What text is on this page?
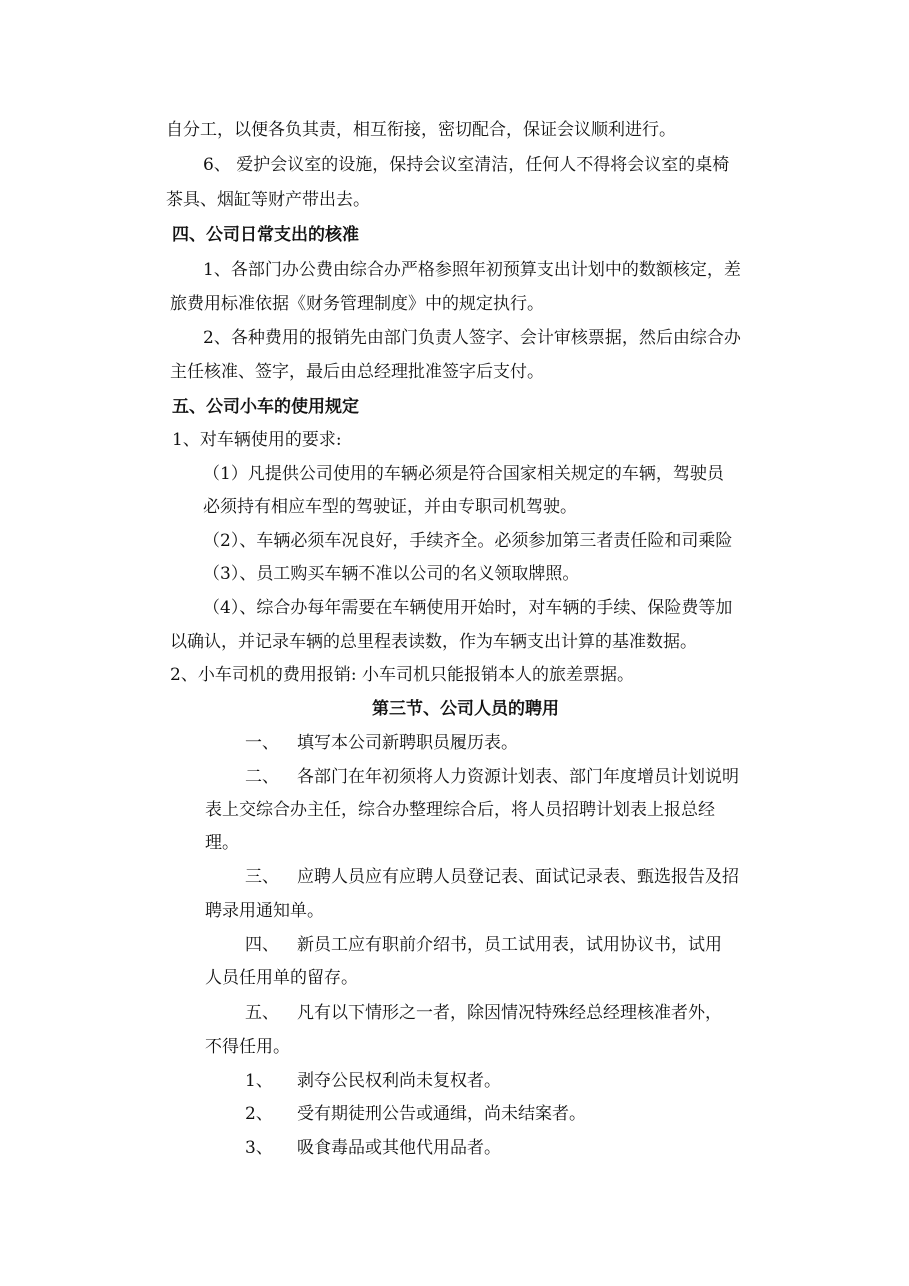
自分工，以便各负其责，相互衔接，密切配合，保证会议顺利进行。
6、 爱护会议室的设施，保持会议室清洁，任何人不得将会议室的桌椅
茶具、烟缸等财产带出去。
四、公司日常支出的核准
1、各部门办公费由综合办严格参照年初预算支出计划中的数额核定，差
旅费用标准依据《财务管理制度》中的规定执行。
2、各种费用的报销先由部门负责人签字、会计审核票据，然后由综合办
主任核准、签字，最后由总经理批准签字后支付。
五、公司小车的使用规定
1、对车辆使用的要求:
（1）凡提供公司使用的车辆必须是符合国家相关规定的车辆，驾驶员
必须持有相应车型的驾驶证，并由专职司机驾驶。
（2）、车辆必须车况良好，手续齐全。必须参加第三者责任险和司乘险
（3）、员工购买车辆不准以公司的名义领取牌照。
（4）、综合办每年需要在车辆使用开始时，对车辆的手续、保险费等加
以确认，并记录车辆的总里程表读数，作为车辆支出计算的基准数据。
2、小车司机的费用报销: 小车司机只能报销本人的旅差票据。
第三节、公司人员的聘用
一、 填写本公司新聘职员履历表。
二、 各部门在年初须将人力资源计划表、部门年度增员计划说明
表上交综合办主任，综合办整理综合后，将人员招聘计划表上报总经
理。
三、 应聘人员应有应聘人员登记表、面试记录表、甄选报告及招
聘录用通知单。
四、 新员工应有职前介绍书，员工试用表，试用协议书，试用
人员任用单的留存。
五、 凡有以下情形之一者，除因情况特殊经总经理核准者外，
不得任用。
1、 剥夺公民权利尚未复权者。
2、 受有期徒刑公告或通缉，尚未结案者。
3、 吸食毒品或其他代用品者。
